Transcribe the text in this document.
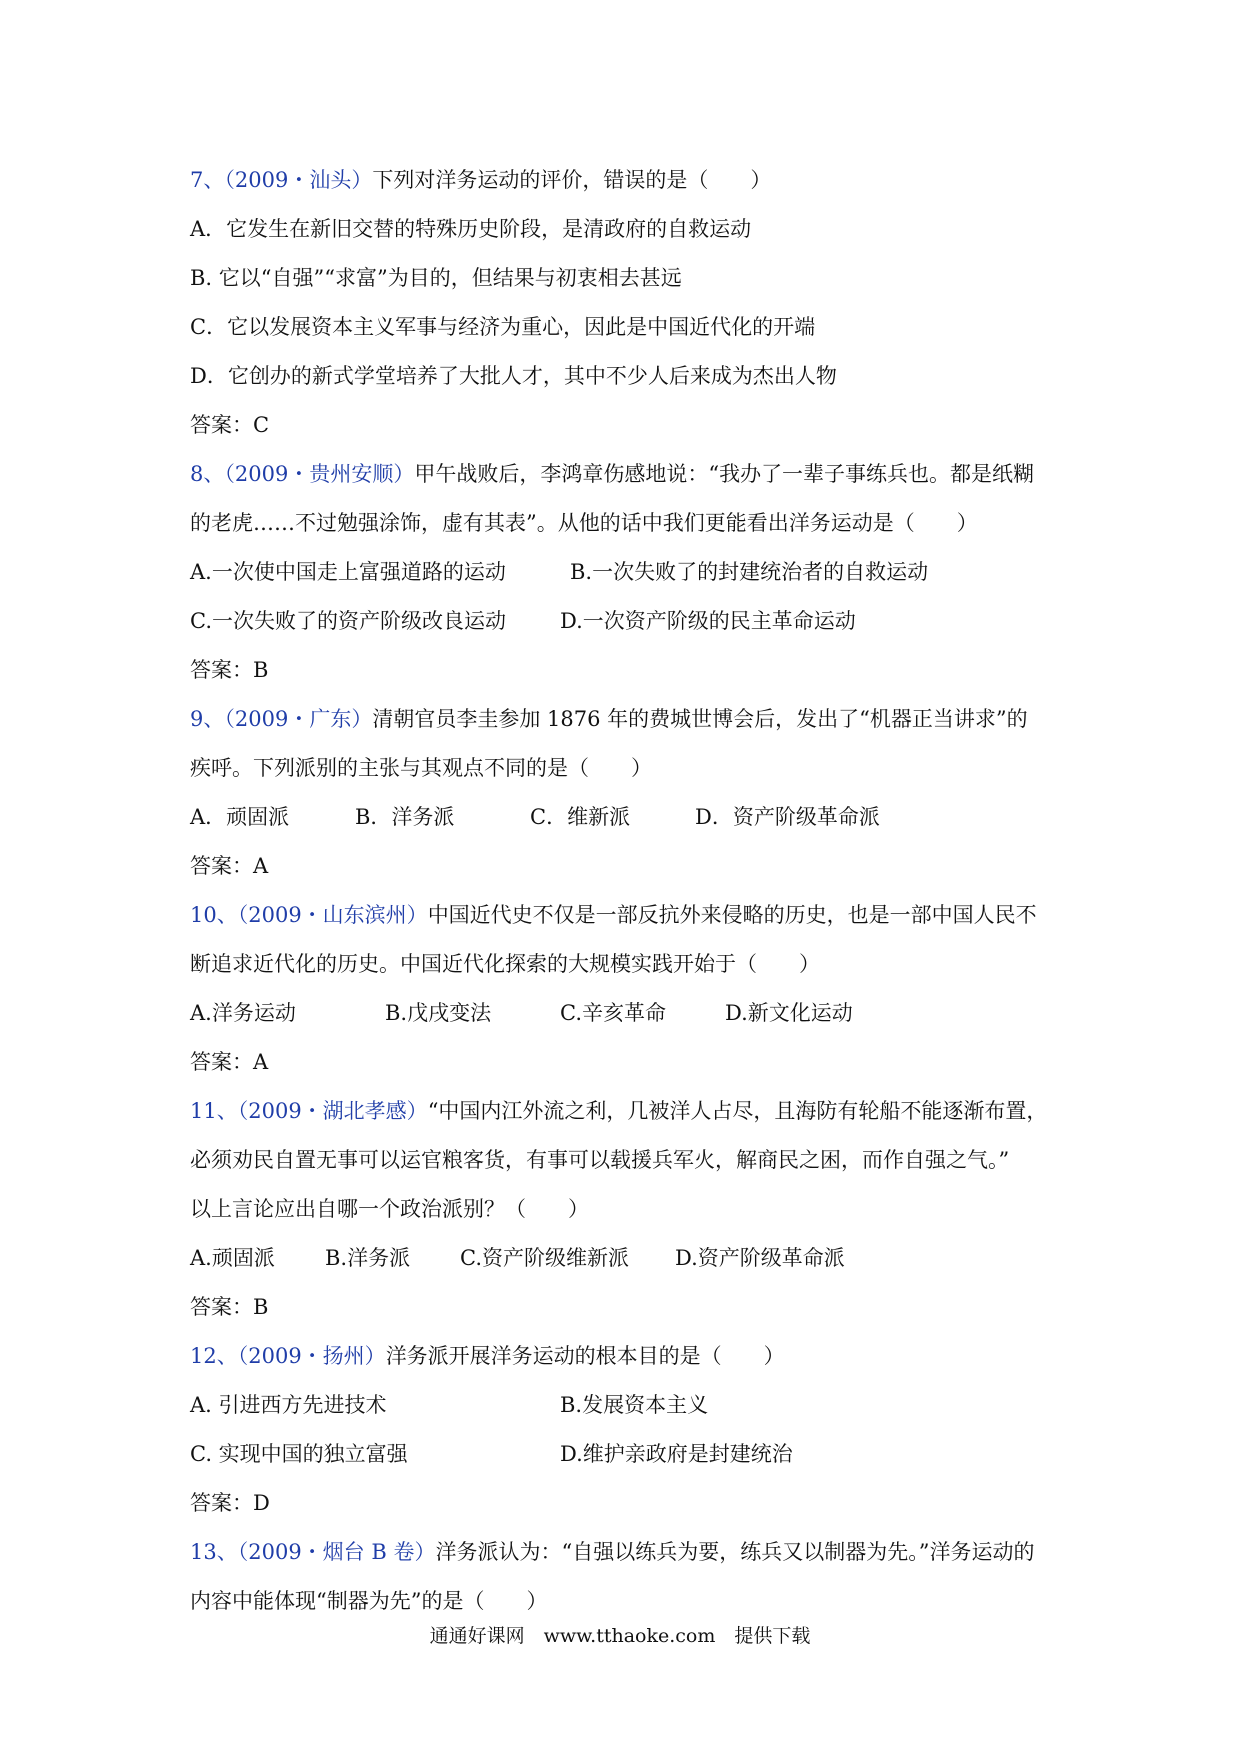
7、（2009・汕头）下列对洋务运动的评价，错误的是（　　）
A．它发生在新旧交替的特殊历史阶段，是清政府的自救运动
B. 它以“自强”“求富”为目的，但结果与初衷相去甚远
C．它以发展资本主义军事与经济为重心，因此是中国近代化的开端
D．它创办的新式学堂培养了大批人才，其中不少人后来成为杰出人物
答案：C
8、（2009・贵州安顺）甲午战败后，李鸿章伤感地说：“我办了一辈子事练兵也。都是纸糊
的老虎……不过勉强涂饰，虚有其表”。从他的话中我们更能看出洋务运动是（　　）
A.一次使中国走上富强道路的运动	B.一次失败了的封建统治者的自救运动
C.一次失败了的资产阶级改良运动	D.一次资产阶级的民主革命运动
答案：B
9、（2009・广东）清朝官员李圭参加 1876 年的费城世博会后，发出了“机器正当讲求”的
疾呼。下列派别的主张与其观点不同的是（　　）
A．顽固派	B．洋务派	C．维新派	D．资产阶级革命派
答案：A
10、（2009・山东滨州）中国近代史不仅是一部反抗外来侵略的历史，也是一部中国人民不
断追求近代化的历史。中国近代化探索的大规模实践开始于（　　）
A.洋务运动	B.戊戌变法	C.辛亥革命	D.新文化运动
答案：A
11、（2009・湖北孝感）“中国内江外流之利，几被洋人占尽，且海防有轮船不能逐渐布置，
必须劝民自置无事可以运官粮客货，有事可以载援兵军火，解商民之困，而作自强之气。”
以上言论应出自哪一个政治派别？（　　）
A.顽固派 B.洋务派 C.资产阶级维新派 D.资产阶级革命派
答案：B
12、（2009・扬州）洋务派开展洋务运动的根本目的是（　　）
A. 引进西方先进技术	B.发展资本主义
C. 实现中国的独立富强	D.维护亲政府是封建统治
答案：D
13、（2009・烟台 B 卷）洋务派认为：“自强以练兵为要，练兵又以制器为先。”洋务运动的
内容中能体现“制器为先”的是（　　）
通通好课网　www.tthaoke.com　提供下载
